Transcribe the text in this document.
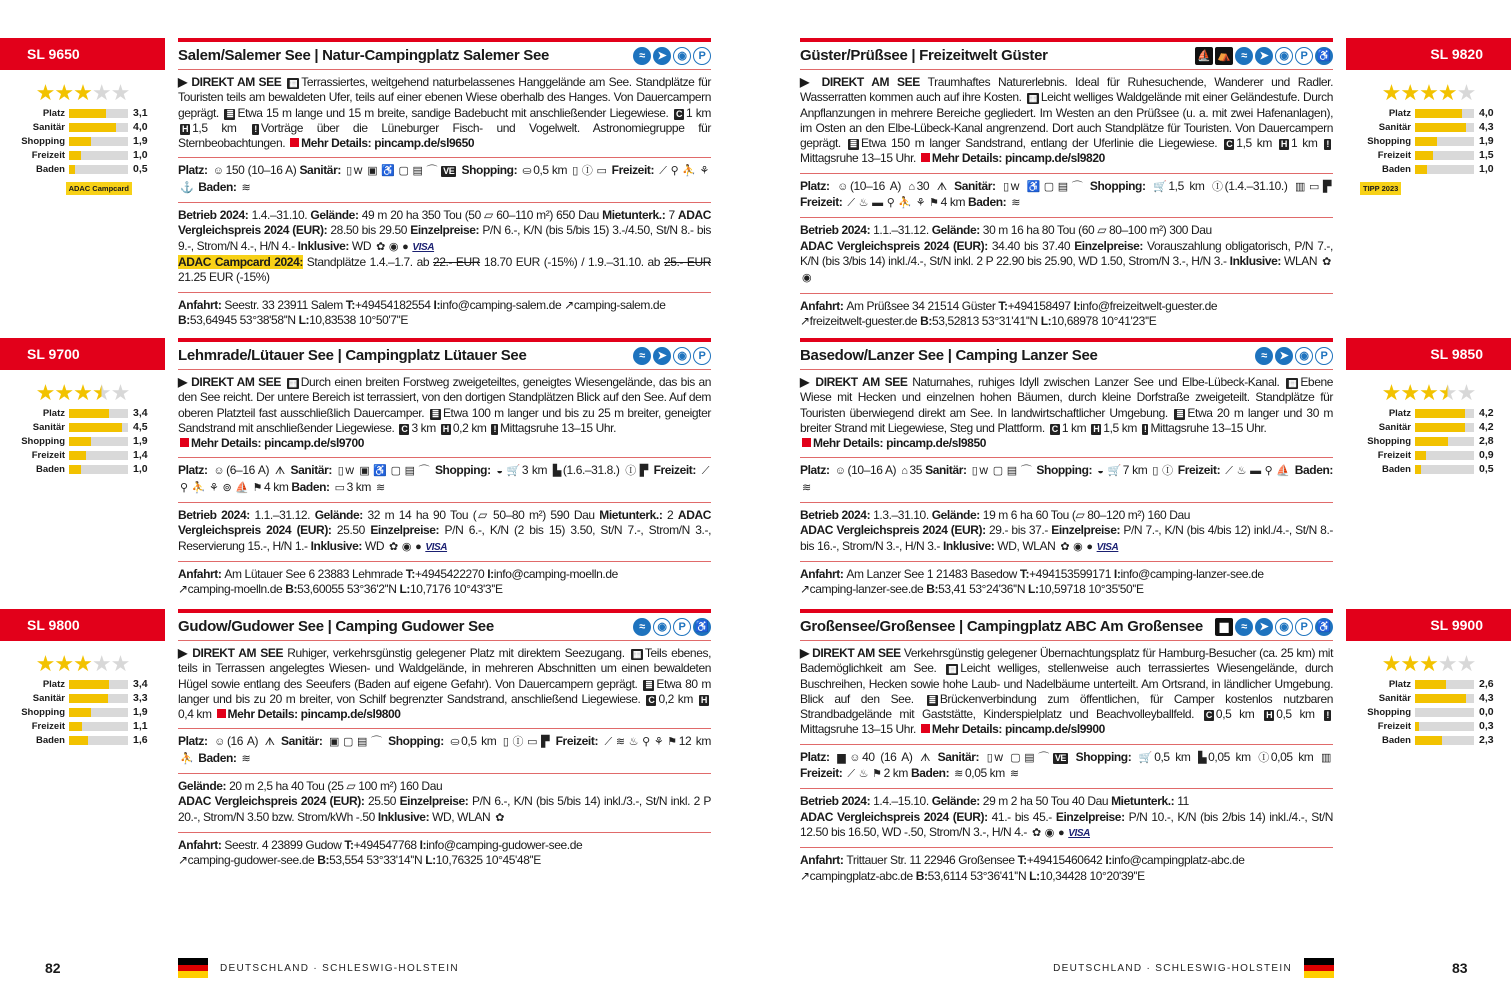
SL 9650
★★★★★
Platz	3,1
Sanitär	4,0
Shopping	1,9
Freizeit	1,0
Baden	0,5
ADAC Campcard
Salem/Salemer See | Natur-Campingplatz Salemer See	≈	➤ ◉	P
▶ DIREKT AM SEE ▦ Terrassiertes, weitgehend naturbelassenes Hanggelände am See. Standplätze für Touristen teils am bewaldeten Ufer, teils auf einer ebenen Wiese oberhalb des Hanges. Von Dauercampern geprägt. ≣ Etwa 15 m lange und 15 m breite, sandige Badebucht mit anschließender Liegewiese. C 1 km H 1,5 km ! Vorträge über die Lüneburger Fisch- und Vogelwelt. Astronomiegruppe für Sternbeobachtungen. Mehr Details: pincamp.de/sl9650
Platz: ☺ 150 (10–16 A) Sanitär: ▯ w ▣ ♿ ▢ ▤ ⌒ VE Shopping: ⛀ 0,5 km ▯ Ⓘ ▭ Freizeit: ⟋ ⚲ ⛹ ⚘⚓ Baden: ≋
Betrieb 2024: 1.4.–31.10. Gelände: 49 m 20 ha 350 Tou (50 ▱ 60–110 m²) 650 Dau Mietunterk.: 7 ADAC Vergleichspreis 2024 (EUR): 28.50 bis 29.50 Einzelpreise: P/N 6.-, K/N (bis 5/bis 15) 3.-/4.50, St/N 8.- bis 9.-, Strom/N 4.-, H/N 4.- Inklusive: WD ✿ ◉ ● VISA
ADAC Campcard 2024: Standplätze 1.4.–1.7. ab 22.- EUR 18.70 EUR (-15%) / 1.9.–31.10. ab 25.- EUR 21.25 EUR (-15%)
Anfahrt: Seestr. 33 23911 Salem T:+49454182554 I:info@camping-salem.de ↗camping-salem.de
B:53,64945 53°38'58''N L:10,83538 10°50'7''E
SL 9700
★★★★★
Platz	3,4
Sanitär	4,5
Shopping	1,9
Freizeit	1,4
Baden	1,0
Lehmrade/Lütauer See | Campingplatz Lütauer See	≈	➤ ◉	P
▶ DIREKT AM SEE ▦ Durch einen breiten Forstweg zweigeteiltes, geneigtes Wiesengelände, das bis an den See reicht. Der untere Bereich ist terrassiert, von den dortigen Standplätzen Blick auf den See. Auf dem oberen Platzteil fast ausschließlich Dauercamper. ≣ Etwa 100 m langer und bis zu 25 m breiter, geneigter Sandstrand mit anschließender Liegewiese. C 3 km H 0,2 km ! Mittagsruhe 13–15 Uhr.
Mehr Details: pincamp.de/sl9700
Platz: ☺ (6–16 A) ᗑ Sanitär: ▯ w ▣ ♿ ▢ ▤ ⌒ Shopping: ◒ 🛒 3 km ▙ (1.6.–31.8.) Ⓘ ▛ Freizeit: ⟋⚲ ⛹ ⚘ ⊚ ⛵ ⚑ 4 km Baden: ▭ 3 km ≋
Betrieb 2024: 1.1.–31.12. Gelände: 32 m 14 ha 90 Tou (▱ 50–80 m²) 590 Dau Mietunterk.: 2 ADAC Vergleichspreis 2024 (EUR): 25.50 Einzelpreise: P/N 6.-, K/N (2 bis 15) 3.50, St/N 7.-, Strom/N 3.-, Reservierung 15.-, H/N 1.- Inklusive: WD ✿ ◉ ● VISA
Anfahrt: Am Lütauer See 6 23883 Lehmrade T:+4945422270 I:info@camping-moelln.de
↗camping-moelln.de B:53,60055 53°36'2''N L:10,7176 10°43'3''E
SL 9800
★★★★★
Platz	3,4
Sanitär	3,3
Shopping	1,9
Freizeit	1,1
Baden	1,6
Gudow/Gudower See | Camping Gudower See	≈	◉	P ♿
▶ DIREKT AM SEE Ruhiger, verkehrsgünstig gelegener Platz mit direktem Seezugang. ▦ Teils ebenes, teils in Terrassen angelegtes Wiesen- und Waldgelände, in mehreren Abschnitten um einen bewaldeten Hügel sowie entlang des Seeufers (Baden auf eigene Gefahr). Von Dauercampern geprägt. ≣ Etwa 80 m langer und bis zu 20 m breiter, von Schilf begrenzter Sandstrand, anschließend Liegewiese. C 0,2 km H0,4 km Mehr Details: pincamp.de/sl9800
Platz: ☺ (16 A) ᗑ Sanitär: ▣ ▢ ▤ ⌒ Shopping: ⛀ 0,5 km ▯ Ⓘ ▭ ▛ Freizeit: ⟋ ≋ ♨ ⚲ ⚘ ⚑ 12 km ⛹ Baden: ≋
Gelände: 20 m 2,5 ha 40 Tou (25 ▱ 100 m²) 160 Dau
ADAC Vergleichspreis 2024 (EUR): 25.50 Einzelpreise: P/N 6.-, K/N (bis 5/bis 14) inkl./3.-, St/N inkl. 2 P 20.-, Strom/N 3.50 bzw. Strom/kWh -.50 Inklusive: WD, WLAN ✿
Anfahrt: Seestr. 4 23899 Gudow T:+494547768 I:info@camping-gudower-see.de
↗camping-gudower-see.de B:53,554 53°33'14''N L:10,76325 10°45'48''E
SL 9820
★★★★★
Platz	4,0
Sanitär	4,3
Shopping	1,9
Freizeit	1,5
Baden	1,0
TIPP 2023
Güster/Prüßsee | Freizeitwelt Güster	⛵ ⛺ ≈	➤ ◉	P ♿
▶ DIREKT AM SEE Traumhaftes Naturerlebnis. Ideal für Ruhesuchende, Wanderer und Radler. Wasserratten kommen auch auf ihre Kosten. ▦ Leicht welliges Waldgelände mit einer Geländestufe. Durch Anpflanzungen in mehrere Bereiche gegliedert. Im Westen an den Prüßsee (u. a. mit zwei Hafenanlagen), im Osten an den Elbe-Lübeck-Kanal angrenzend. Dort auch Standplätze für Touristen. Von Dauercampern geprägt. ≣ Etwa 150 m langer Sandstrand, entlang der Uferlinie die Liegewiese. C 1,5 km H 1 km !Mittagsruhe 13–15 Uhr. Mehr Details: pincamp.de/sl9820
Platz: ☺ (10–16 A) ⌂ 30 ᗑ Sanitär: ▯ w ♿ ▢ ▤ ⌒ Shopping: 🛒 1,5 km Ⓘ (1.4.–31.10.) ▥ ▭ ▛ Freizeit: ⟋ ♨ ▬ ⚲ ⛹ ⚘ ⚑ 4 km Baden: ≋
Betrieb 2024: 1.1.–31.12. Gelände: 30 m 16 ha 80 Tou (60 ▱ 80–100 m²) 300 Dau
ADAC Vergleichspreis 2024 (EUR): 34.40 bis 37.40 Einzelpreise: Vorauszahlung obligatorisch, P/N 7.-, K/N (bis 3/bis 14) inkl./4.-, St/N inkl. 2 P 22.90 bis 25.90, WD 1.50, Strom/N 3.-, H/N 3.- Inklusive: WLAN ✿◉
Anfahrt: Am Prüßsee 34 21514 Güster T:+494158497 I:info@freizeitwelt-guester.de
↗freizeitwelt-guester.de B:53,52813 53°31'41''N L:10,68978 10°41'23''E
SL 9850
★★★★★
Platz	4,2
Sanitär	4,2
Shopping	2,8
Freizeit	0,9
Baden	0,5
Basedow/Lanzer See | Camping Lanzer See	≈	➤ ◉	P
▶ DIREKT AM SEE Naturnahes, ruhiges Idyll zwischen Lanzer See und Elbe-Lübeck-Kanal. ▦ Ebene Wiese mit Hecken und einzelnen hohen Bäumen, durch kleine Dorfstraße zweigeteilt. Standplätze für Touristen überwiegend direkt am See. In landwirtschaftlicher Umgebung. ≣ Etwa 20 m langer und 30 m breiter Strand mit Liegewiese, Steg und Plattform. C 1 km H 1,5 km ! Mittagsruhe 13–15 Uhr.
Mehr Details: pincamp.de/sl9850
Platz: ☺ (10–16 A) ⌂ 35 Sanitär: ▯ w ▢ ▤ ⌒ Shopping: ◒ 🛒 7 km ▯ Ⓘ Freizeit: ⟋ ♨ ▬ ⚲ ⛵ Baden: ≋
Betrieb 2024: 1.3.–31.10. Gelände: 19 m 6 ha 60 Tou (▱ 80–120 m²) 160 Dau
ADAC Vergleichspreis 2024 (EUR): 29.- bis 37.- Einzelpreise: P/N 7.-, K/N (bis 4/bis 12) inkl./4.-, St/N 8.- bis 16.-, Strom/N 3.-, H/N 3.- Inklusive: WD, WLAN ✿ ◉ ● VISA
Anfahrt: Am Lanzer See 1 21483 Basedow T:+494153599171 I:info@camping-lanzer-see.de
↗camping-lanzer-see.de B:53,41 53°24'36''N L:10,59718 10°35'50''E
SL 9900
★★★★★
Platz	2,6
Sanitär	4,3
Shopping	0,0
Freizeit	0,3
Baden	2,3
Großensee/Großensee | Campingplatz ABC Am Großensee	▆	≈	➤ ◉	P ♿
▶ DIREKT AM SEE Verkehrsgünstig gelegener Übernachtungsplatz für Hamburg-Besucher (ca. 25 km) mit Bademöglichkeit am See. ▦ Leicht welliges, stellenweise auch terrassiertes Wiesengelände, durch Buschreihen, Hecken sowie hohe Laub- und Nadelbäume unterteilt. Am Ortsrand, in ländlicher Umgebung. Blick auf den See. ≣ Brückenverbindung zum öffentlichen, für Camper kostenlos nutzbaren Strandbadgelände mit Gaststätte, Kinderspielplatz und Beachvolleyballfeld. C 0,5 km H 0,5 km !Mittagsruhe 13–15 Uhr. Mehr Details: pincamp.de/sl9900
Platz: ▆ ☺ 40 (16 A) ᗑ Sanitär: ▯ w ▢ ▤ ⌒ VE Shopping: 🛒 0,5 km ▙ 0,05 km Ⓘ 0,05 km ▥ Freizeit: ⟋ ♨ ⚑ 2 km Baden: ≋ 0,05 km ≋
Betrieb 2024: 1.4.–15.10. Gelände: 29 m 2 ha 50 Tou 40 Dau Mietunterk.: 11
ADAC Vergleichspreis 2024 (EUR): 41.- bis 45.- Einzelpreise: P/N 10.-, K/N (bis 2/bis 14) inkl./4.-, St/N 12.50 bis 16.50, WD -.50, Strom/N 3.-, H/N 4.- ✿ ◉ ● VISA
Anfahrt: Trittauer Str. 11 22946 Großensee T:+49415460642 I:info@campingplatz-abc.de
↗campingplatz-abc.de B:53,6114 53°36'41''N L:10,34428 10°20'39''E
82	DEUTSCHLAND · SCHLESWIG-HOLSTEIN	DEUTSCHLAND · SCHLESWIG-HOLSTEIN	83
